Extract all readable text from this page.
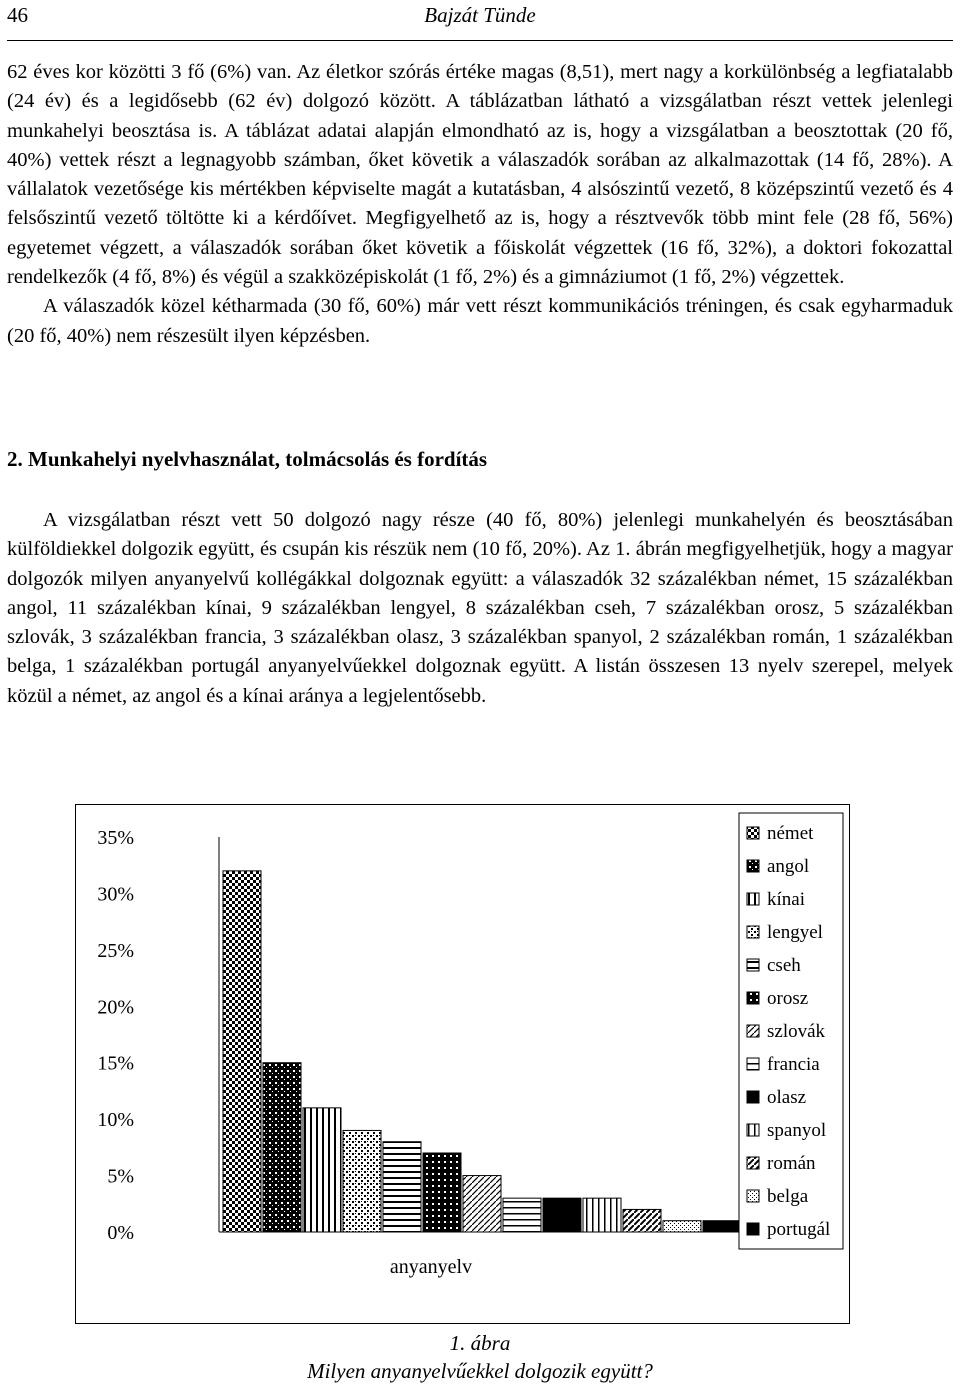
46	Bajzát Tünde

62 éves kor közötti 3 fő (6%) van. Az életkor szórás értéke magas (8,51), mert nagy a korkülönbség a legfiatalabb (24 év) és a legidősebb (62 év) dolgozó között. A táblázatban látható a vizsgálatban részt vettek jelenlegi munkahelyi beosztása is. A táblázat adatai alapján elmondható az is, hogy a vizsgálatban a beosztottak (20 fő, 40%) vettek részt a legnagyobb számban, őket követik a válaszadók sorában az alkalmazottak (14 fő, 28%). A vállalatok vezetősége kis mértékben képviselte magát a kutatásban, 4 alsószintű vezető, 8 középszintű vezető és 4 felsőszintű vezető töltötte ki a kérdőívet. Megfigyelhető az is, hogy a résztvevők több mint fele (28 fő, 56%) egyetemet végzett, a válaszadók sorában őket követik a főiskolát végzettek (16 fő, 32%), a doktori fokozattal rendelkezők (4 fő, 8%) és végül a szakközépiskolát (1 fő, 2%) és a gimnáziumot (1 fő, 2%) végzettek.

A válaszadók közel kétharmada (30 fő, 60%) már vett részt kommunikációs tréningen, és csak egyharmaduk (20 fő, 40%) nem részesült ilyen képzésben.

2. Munkahelyi nyelvhasználat, tolmácsolás és fordítás

A vizsgálatban részt vett 50 dolgozó nagy része (40 fő, 80%) jelenlegi munkahelyén és beosztásában külföldiekkel dolgozik együtt, és csupán kis részük nem (10 fő, 20%). Az 1. ábrán megfigyelhetjük, hogy a magyar dolgozók milyen anyanyelvű kollégákkal dolgoznak együtt: a válaszadók 32 százalékban német, 15 százalékban angol, 11 százalékban kínai, 9 százalékban lengyel, 8 százalékban cseh, 7 százalékban orosz, 5 százalékban szlovák, 3 százalékban francia, 3 százalékban olasz, 3 százalékban spanyol, 2 százalékban román, 1 százalékban belga, 1 százalékban portugál anyanyelvűekkel dolgoznak együtt. A listán összesen 13 nyelv szerepel, melyek közül a német, az angol és a kínai aránya a legjelentősebb.

0%
5%
10%
15%
20%
25%
30%
35%
anyanyelv
német
angol
kínai
lengyel
cseh
orosz
szlovák
francia
olasz
spanyol
román
belga
portugál
1. ábra
Milyen anyanyelvűekkel dolgozik együtt?
